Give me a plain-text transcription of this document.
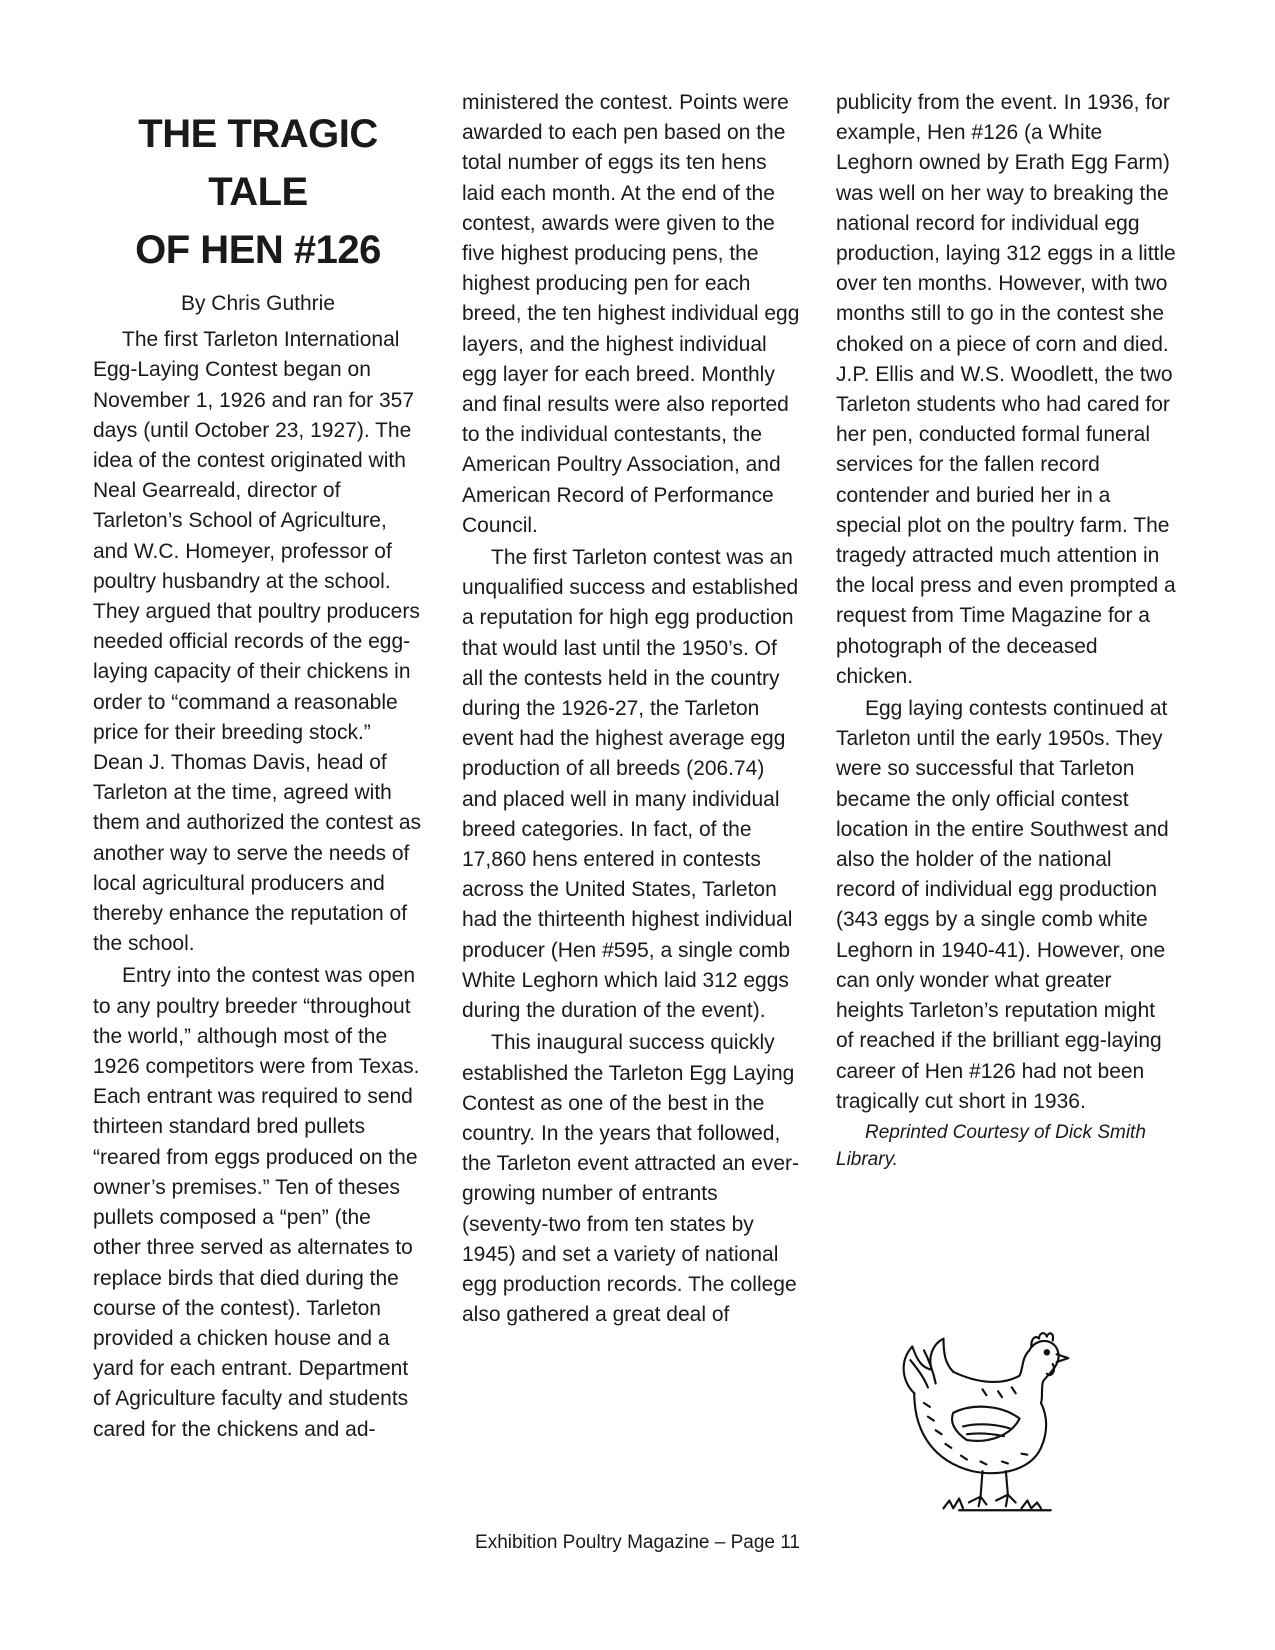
THE TRAGIC TALE
OF HEN #126
By Chris Guthrie

The first Tarleton International Egg-Laying Contest began on November 1, 1926 and ran for 357 days (until October 23, 1927). The idea of the contest originated with Neal Gearreald, director of Tarleton’s School of Agriculture, and W.C. Homeyer, professor of poultry husbandry at the school. They argued that poultry producers needed official records of the egg-laying capacity of their chickens in order to “command a reasonable price for their breeding stock.” Dean J. Thomas Davis, head of Tarleton at the time, agreed with them and authorized the contest as another way to serve the needs of local agricultural producers and thereby enhance the reputation of the school.

Entry into the contest was open to any poultry breeder “throughout the world,” although most of the 1926 competitors were from Texas. Each entrant was required to send thirteen standard bred pullets “reared from eggs produced on the owner’s premises.” Ten of theses pullets composed a “pen” (the other three served as alternates to replace birds that died during the course of the contest). Tarleton provided a chicken house and a yard for each entrant. Department of Agriculture faculty and students cared for the chickens and ad-

ministered the contest. Points were awarded to each pen based on the total number of eggs its ten hens laid each month. At the end of the contest, awards were given to the five highest producing pens, the highest producing pen for each breed, the ten highest individual egg layers, and the highest individual egg layer for each breed. Monthly and final results were also reported to the individual contestants, the American Poultry Association, and American Record of Performance Council.

The first Tarleton contest was an unqualified success and established a reputation for high egg production that would last until the 1950’s. Of all the contests held in the country during the 1926-27, the Tarleton event had the highest average egg production of all breeds (206.74) and placed well in many individual breed categories. In fact, of the 17,860 hens entered in contests across the United States, Tarleton had the thirteenth highest individual producer (Hen #595, a single comb White Leghorn which laid 312 eggs during the duration of the event).

This inaugural success quickly established the Tarleton Egg Laying Contest as one of the best in the country. In the years that followed, the Tarleton event attracted an ever-growing number of entrants (seventy-two from ten states by 1945) and set a variety of national egg production records. The college also gathered a great deal of

publicity from the event. In 1936, for example, Hen #126 (a White Leghorn owned by Erath Egg Farm) was well on her way to breaking the national record for individual egg production, laying 312 eggs in a little over ten months. However, with two months still to go in the contest she choked on a piece of corn and died. J.P. Ellis and W.S. Woodlett, the two Tarleton students who had cared for her pen, conducted formal funeral services for the fallen record contender and buried her in a special plot on the poultry farm. The tragedy attracted much attention in the local press and even prompted a request from Time Magazine for a photograph of the deceased chicken.

Egg laying contests continued at Tarleton until the early 1950s. They were so successful that Tarleton became the only official contest location in the entire Southwest and also the holder of the national record of individual egg production (343 eggs by a single comb white Leghorn in 1940-41). However, one can only wonder what greater heights Tarleton’s reputation might of reached if the brilliant egg-laying career of Hen #126 had not been tragically cut short in 1936.

Reprinted Courtesy of Dick Smith Library.

Exhibition Poultry Magazine – Page 11
